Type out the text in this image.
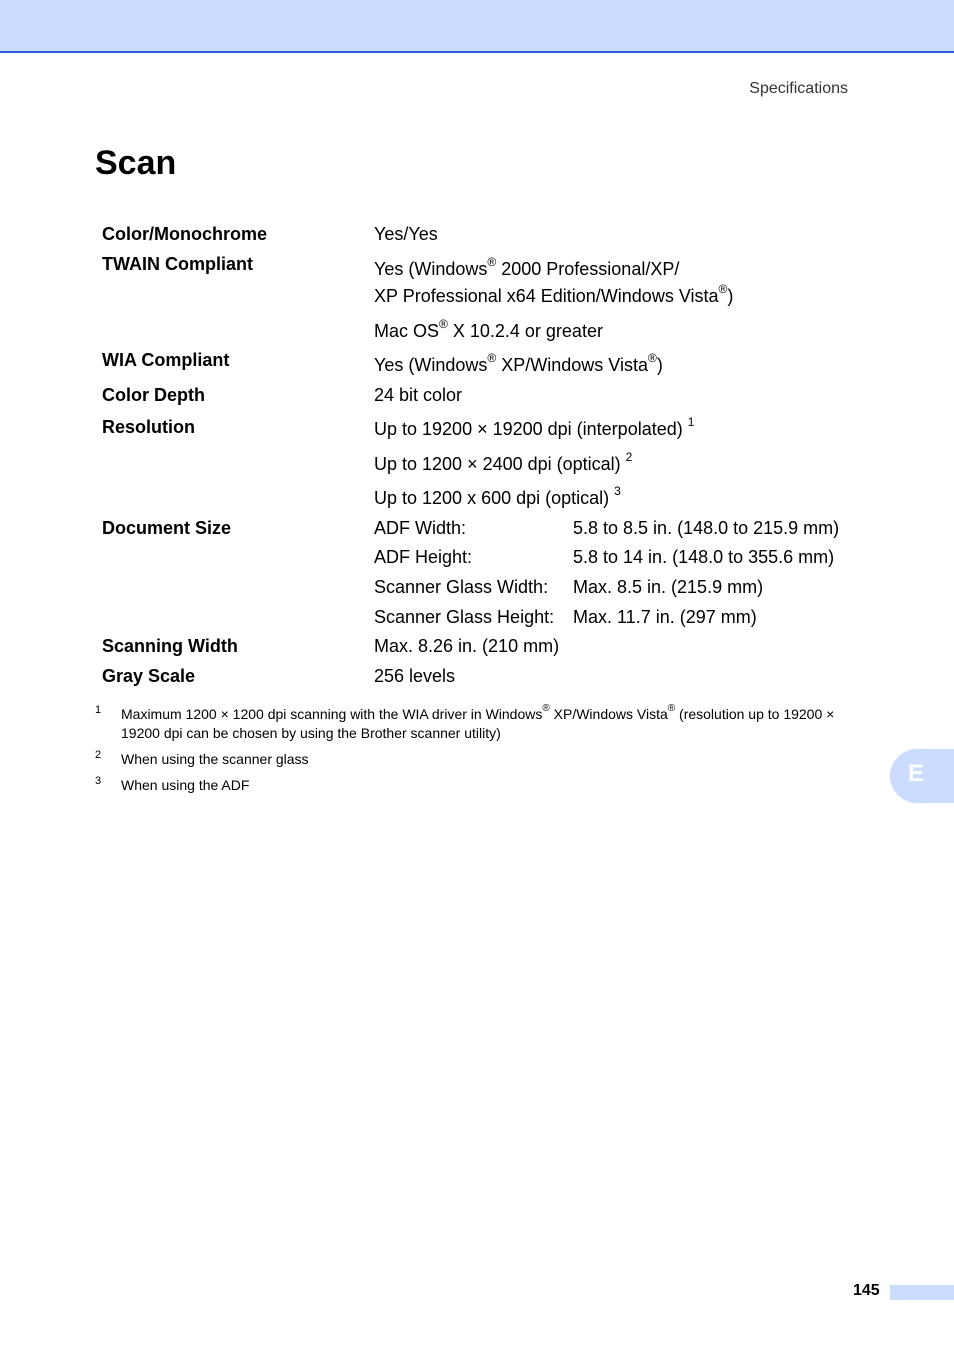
Specifications
Scan
Color/Monochrome	Yes/Yes
TWAIN Compliant	Yes (Windows® 2000 Professional/XP/
XP Professional x64 Edition/Windows Vista®)
Mac OS® X 10.2.4 or greater
WIA Compliant	Yes (Windows® XP/Windows Vista®)
Color Depth	24 bit color
Resolution	Up to 19200 × 19200 dpi (interpolated) $^1$
Up to 1200 × 2400 dpi (optical) $^2$
Up to 1200 x 600 dpi (optical) $^3$
Document Size	ADF Width:	5.8 to 8.5 in. (148.0 to 215.9 mm)
ADF Height:	5.8 to 14 in. (148.0 to 355.6 mm)
Scanner Glass Width: Max. 8.5 in. (215.9 mm)
Scanner Glass Height: Max. 11.7 in. (297 mm)
Scanning Width	Max. 8.26 in. (210 mm)
Gray Scale	256 levels
1 Maximum 1200 × 1200 dpi scanning with the WIA driver in Windows® XP/Windows Vista® (resolution up to 19200 × 19200 dpi can be chosen by using the Brother scanner utility)
2 When using the scanner glass
3 When using the ADF	E
145
